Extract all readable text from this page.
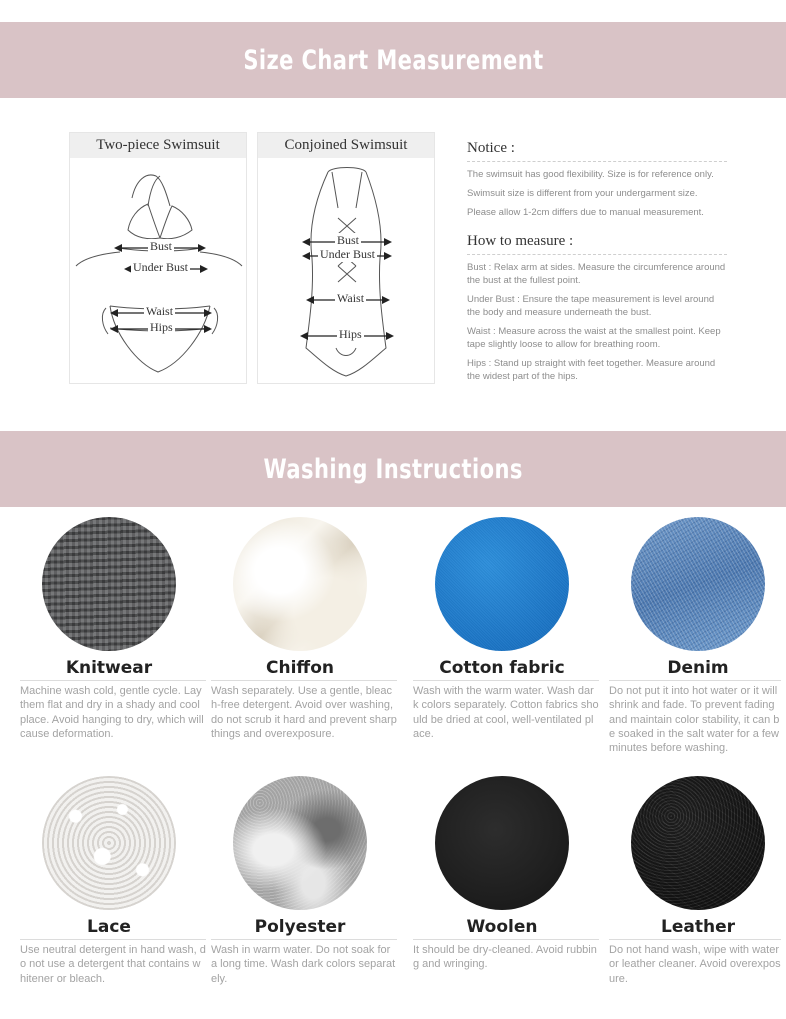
Size Chart Measurement
Two-piece Swimsuit
Bust
Under Bust
Waist
Hips
Conjoined Swimsuit
Bust
Under Bust
Waist
Hips
Notice :

The swimsuit has good flexibility. Size is for reference only.

Swimsuit size is different from your undergarment size.

Please allow 1-2cm differs due to manual measurement.

How to measure :

Bust : Relax arm at sides. Measure the circumference around the bust at the fullest point.

Under Bust : Ensure the tape measurement is level around the body and measure underneath the bust.

Waist : Measure across the waist at the smallest point. Keep tape slightly loose to allow for breathing room.

Hips : Stand up straight with feet together. Measure around the widest part of the hips.

Washing Instructions
Knitwear
Machine wash cold, gentle cycle. Lay them flat and dry in a shady and cool place. Avoid hanging to dry, which will cause deformation.
Chiffon
Wash separately. Use a gentle, bleach-free detergent. Avoid over washing, do not scrub it hard and prevent sharp things and overexposure.
Cotton fabric
Wash with the warm water. Wash dark colors separately. Cotton fabrics should be dried at cool, well-ventilated place.
Denim
Do not put it into hot water or it will shrink and fade. To prevent fading and maintain color stability, it can be soaked in the salt water for a few minutes before washing.
Lace
Use neutral detergent in hand wash, do not use a detergent that contains whitener or bleach.
Polyester
Wash in warm water. Do not soak for a long time. Wash dark colors separately.
Woolen
It should be dry-cleaned. Avoid rubbing and wringing.
Leather
Do not hand wash, wipe with water or leather cleaner. Avoid overexposure.
